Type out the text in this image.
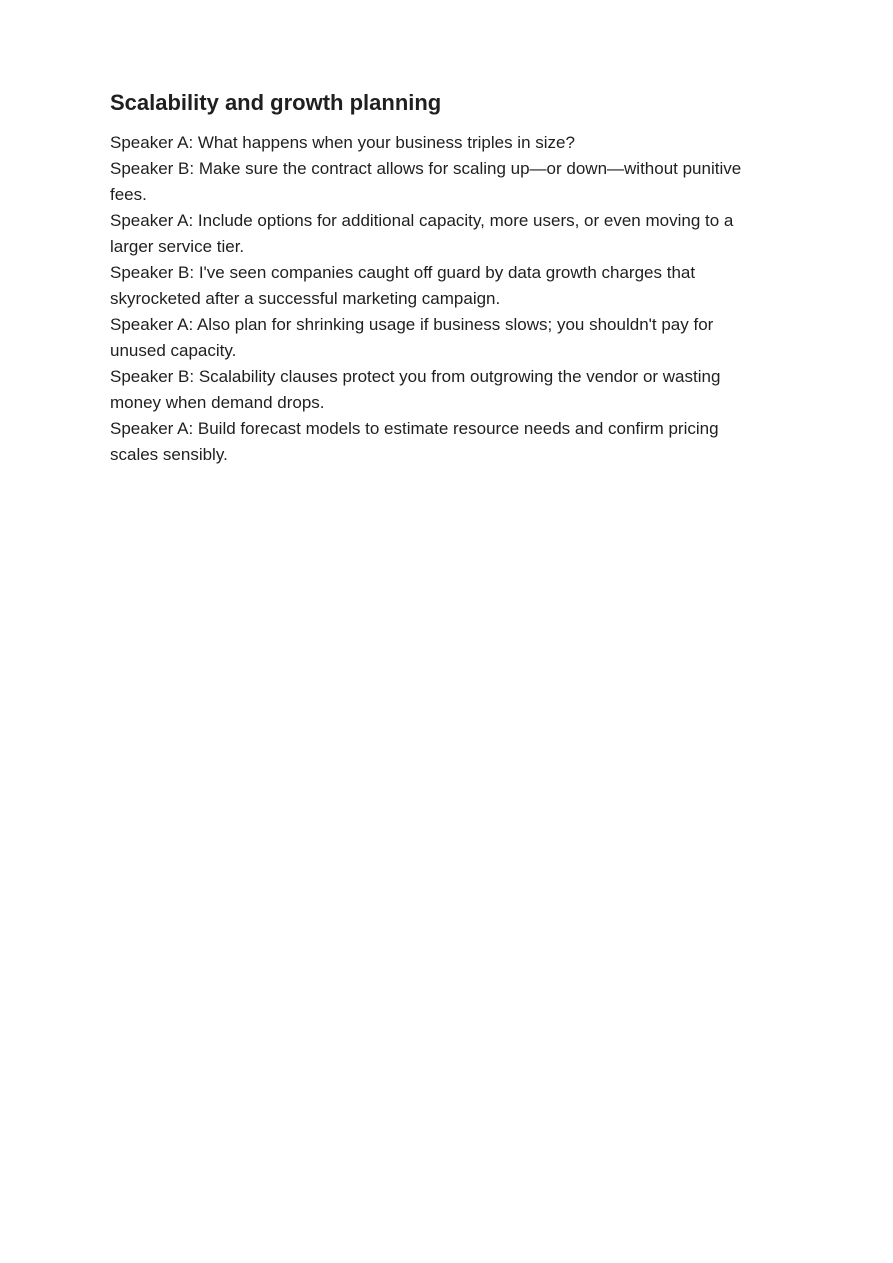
Scalability and growth planning

Speaker A: What happens when your business triples in size?

Speaker B: Make sure the contract allows for scaling up—or down—without punitive fees.

Speaker A: Include options for additional capacity, more users, or even moving to a larger service tier.

Speaker B: I've seen companies caught off guard by data growth charges that skyrocketed after a successful marketing campaign.

Speaker A: Also plan for shrinking usage if business slows; you shouldn't pay for unused capacity.

Speaker B: Scalability clauses protect you from outgrowing the vendor or wasting money when demand drops.

Speaker A: Build forecast models to estimate resource needs and confirm pricing scales sensibly.
